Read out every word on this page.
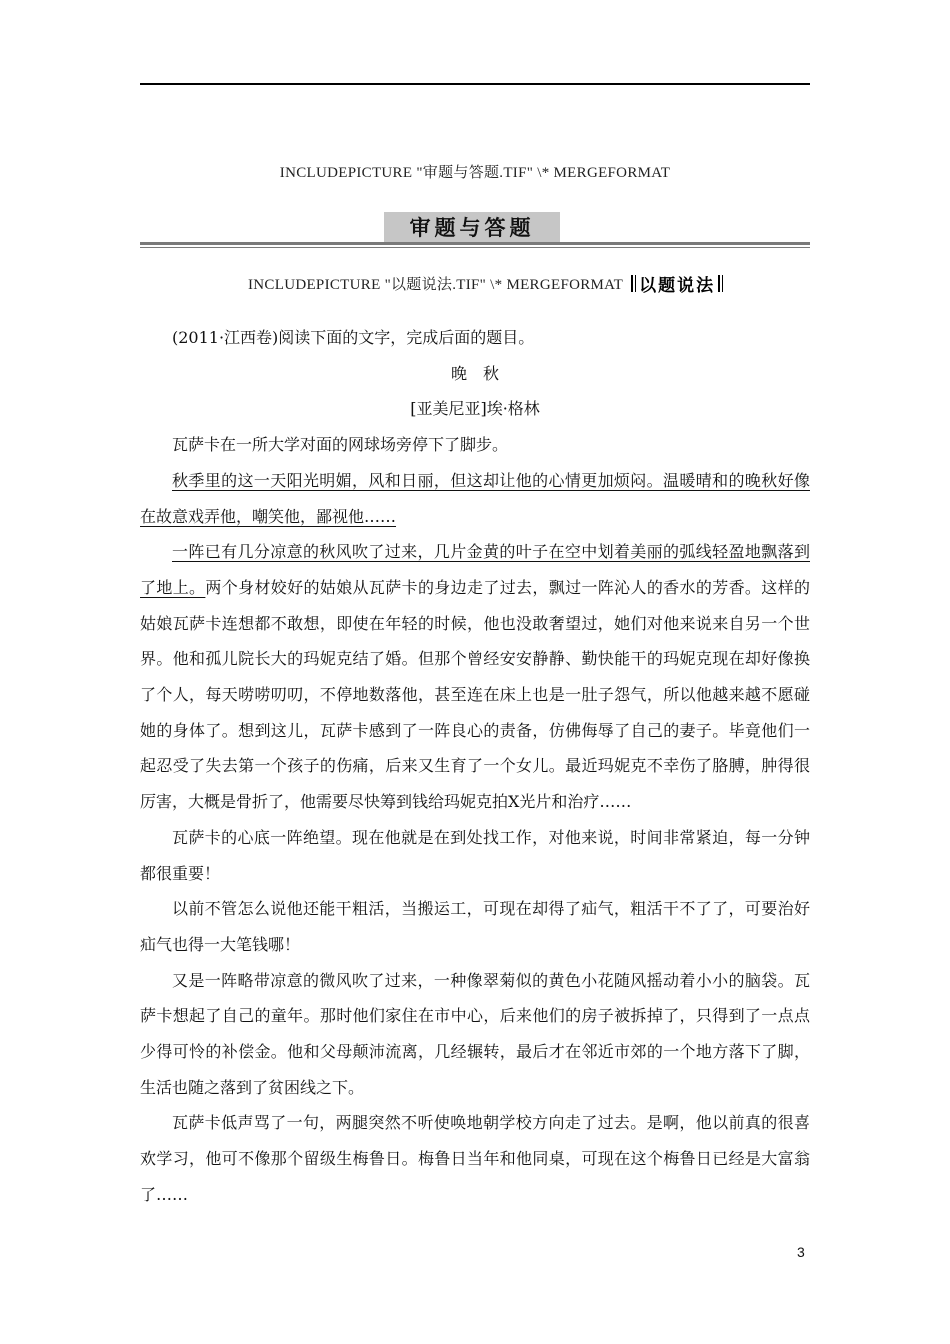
INCLUDEPICTURE "审题与答题.TIF" \* MERGEFORMAT
审题与答题
INCLUDEPICTURE "以题说法.TIF" \* MERGEFORMAT 以题说法

(2011·江西卷)阅读下面的文字，完成后面的题目。

晚　秋

[亚美尼亚]埃·格林

瓦萨卡在一所大学对面的网球场旁停下了脚步。

秋季里的这一天阳光明媚，风和日丽，但这却让他的心情更加烦闷。温暖晴和的晚秋好像在故意戏弄他，嘲笑他，鄙视他……

一阵已有几分凉意的秋风吹了过来，几片金黄的叶子在空中划着美丽的弧线轻盈地飘落到了地上。两个身材姣好的姑娘从瓦萨卡的身边走了过去，飘过一阵沁人的香水的芳香。这样的姑娘瓦萨卡连想都不敢想，即使在年轻的时候，他也没敢奢望过，她们对他来说来自另一个世界。他和孤儿院长大的玛妮克结了婚。但那个曾经安安静静、勤快能干的玛妮克现在却好像换了个人，每天唠唠叨叨，不停地数落他，甚至连在床上也是一肚子怨气，所以他越来越不愿碰她的身体了。想到这儿，瓦萨卡感到了一阵良心的责备，仿佛侮辱了自己的妻子。毕竟他们一起忍受了失去第一个孩子的伤痛，后来又生育了一个女儿。最近玛妮克不幸伤了胳膊，肿得很厉害，大概是骨折了，他需要尽快筹到钱给玛妮克拍X光片和治疗……

瓦萨卡的心底一阵绝望。现在他就是在到处找工作，对他来说，时间非常紧迫，每一分钟都很重要！

以前不管怎么说他还能干粗活，当搬运工，可现在却得了疝气，粗活干不了了，可要治好疝气也得一大笔钱哪！

又是一阵略带凉意的微风吹了过来，一种像翠菊似的黄色小花随风摇动着小小的脑袋。瓦萨卡想起了自己的童年。那时他们家住在市中心，后来他们的房子被拆掉了，只得到了一点点少得可怜的补偿金。他和父母颠沛流离，几经辗转，最后才在邻近市郊的一个地方落下了脚，生活也随之落到了贫困线之下。

瓦萨卡低声骂了一句，两腿突然不听使唤地朝学校方向走了过去。是啊，他以前真的很喜欢学习，他可不像那个留级生梅鲁日。梅鲁日当年和他同桌，可现在这个梅鲁日已经是大富翁了……

3
